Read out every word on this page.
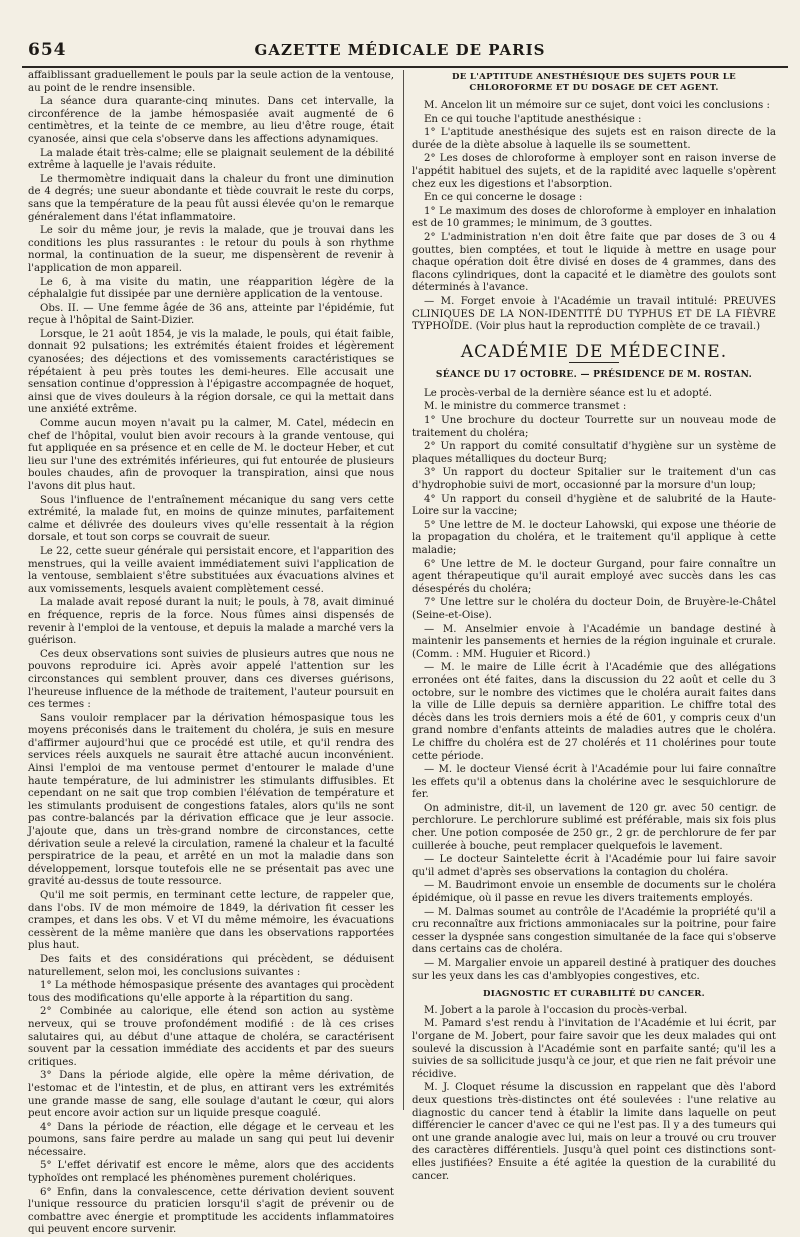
654	GAZETTE MÉDICALE DE PARIS

affaiblissant graduellement le pouls par la seule action de la ventouse, au point de le rendre insensible.

La séance dura quarante-cinq minutes. Dans cet intervalle, la circonférence de la jambe hémospasiée avait augmenté de 6 centimètres, et la teinte de ce membre, au lieu d'être rouge, était cyanosée, ainsi que cela s'observe dans les affections adynamiques.

La malade était très-calme; elle se plaignait seulement de la débilité extrême à laquelle je l'avais réduite.

Le thermomètre indiquait dans la chaleur du front une diminution de 4 degrés; une sueur abondante et tiède couvrait le reste du corps, sans que la température de la peau fût aussi élevée qu'on le remarque généralement dans l'état inflammatoire.

Le soir du même jour, je revis la malade, que je trouvai dans les conditions les plus rassurantes : le retour du pouls à son rhythme normal, la continuation de la sueur, me dispensèrent de revenir à l'application de mon appareil.

Le 6, à ma visite du matin, une réapparition légère de la céphalalgie fut dissipée par une dernière application de la ventouse.

Obs. II. — Une femme âgée de 36 ans, atteinte par l'épidémie, fut reçue à l'hôpital de Saint-Dizier.

Lorsque, le 21 août 1854, je vis la malade, le pouls, qui était faible, donnait 92 pulsations; les extrémités étaient froides et légèrement cyanosées; des déjections et des vomissements caractéristiques se répétaient à peu près toutes les demi-heures. Elle accusait une sensation continue d'oppression à l'épigastre accompagnée de hoquet, ainsi que de vives douleurs à la région dorsale, ce qui la mettait dans une anxiété extrême.

Comme aucun moyen n'avait pu la calmer, M. Catel, médecin en chef de l'hôpital, voulut bien avoir recours à la grande ventouse, qui fut appliquée en sa présence et en celle de M. le docteur Heber, et cut lieu sur l'une des extrémités inférieures, qui fut entourée de plusieurs boules chaudes, afin de provoquer la transpiration, ainsi que nous l'avons dit plus haut.

Sous l'influence de l'entraînement mécanique du sang vers cette extrémité, la malade fut, en moins de quinze minutes, parfaitement calme et délivrée des douleurs vives qu'elle ressentait à la région dorsale, et tout son corps se couvrait de sueur.

Le 22, cette sueur générale qui persistait encore, et l'apparition des menstrues, qui la veille avaient immédiatement suivi l'application de la ventouse, semblaient s'être substituées aux évacuations alvines et aux vomissements, lesquels avaient complètement cessé.

La malade avait reposé durant la nuit; le pouls, à 78, avait diminué en fréquence, repris de la force. Nous fûmes ainsi dispensés de revenir à l'emploi de la ventouse, et depuis la malade a marché vers la guérison.

Ces deux observations sont suivies de plusieurs autres que nous ne pouvons reproduire ici. Après avoir appelé l'attention sur les circonstances qui semblent prouver, dans ces diverses guérisons, l'heureuse influence de la méthode de traitement, l'auteur poursuit en ces termes :

Sans vouloir remplacer par la dérivation hémospasique tous les moyens préconisés dans le traitement du choléra, je suis en mesure d'affirmer aujourd'hui que ce procédé est utile, et qu'il rendra des services réels auxquels ne saurait être attaché aucun inconvénient. Ainsi l'emploi de ma ventouse permet d'entourer le malade d'une haute température, de lui administrer les stimulants diffusibles. Et cependant on ne sait que trop combien l'élévation de température et les stimulants produisent de congestions fatales, alors qu'ils ne sont pas contre-balancés par la dérivation efficace que je leur associe. J'ajoute que, dans un très-grand nombre de circonstances, cette dérivation seule a relevé la circulation, ramené la chaleur et la faculté perspiratrice de la peau, et arrêté en un mot la maladie dans son développement, lorsque toutefois elle ne se présentait pas avec une gravité au-dessus de toute ressource.

Qu'il me soit permis, en terminant cette lecture, de rappeler que, dans l'obs. IV de mon mémoire de 1849, la dérivation fit cesser les crampes, et dans les obs. V et VI du même mémoire, les évacuations cessèrent de la même manière que dans les observations rapportées plus haut.

Des faits et des considérations qui précèdent, se déduisent naturellement, selon moi, les conclusions suivantes :

1° La méthode hémospasique présente des avantages qui procèdent tous des modifications qu'elle apporte à la répartition du sang.

2° Combinée au calorique, elle étend son action au système nerveux, qui se trouve profondément modifié : de là ces crises salutaires qui, au début d'une attaque de choléra, se caractérisent souvent par la cessation immédiate des accidents et par des sueurs critiques.

3° Dans la période algide, elle opère la même dérivation, de l'estomac et de l'intestin, et de plus, en attirant vers les extrémités une grande masse de sang, elle soulage d'autant le cœur, qui alors peut encore avoir action sur un liquide presque coagulé.

4° Dans la période de réaction, elle dégage et le cerveau et les poumons, sans faire perdre au malade un sang qui peut lui devenir nécessaire.

5° L'effet dérivatif est encore le même, alors que des accidents typhoïdes ont remplacé les phénomènes purement cholériques.

6° Enfin, dans la convalescence, cette dérivation devient souvent l'unique ressource du praticien lorsqu'il s'agit de prévenir ou de combattre avec énergie et promptitude les accidents inflammatoires qui peuvent encore survenir.

DE L'APTITUDE ANESTHÉSIQUE DES SUJETS POUR LE CHLOROFORME ET DU DOSAGE DE CET AGENT.

M. Ancelon lit un mémoire sur ce sujet, dont voici les conclusions :

En ce qui touche l'aptitude anesthésique :

1° L'aptitude anesthésique des sujets est en raison directe de la durée de la diète absolue à laquelle ils se soumettent.

2° Les doses de chloroforme à employer sont en raison inverse de l'appétit habituel des sujets, et de la rapidité avec laquelle s'opèrent chez eux les digestions et l'absorption.

En ce qui concerne le dosage :

1° Le maximum des doses de chloroforme à employer en inhalation est de 10 grammes; le minimum, de 3 gouttes.

2° L'administration n'en doit être faite que par doses de 3 ou 4 gouttes, bien comptées, et tout le liquide à mettre en usage pour chaque opération doit être divisé en doses de 4 grammes, dans des flacons cylindriques, dont la capacité et le diamètre des goulots sont déterminés à l'avance.

— M. Forget envoie à l'Académie un travail intitulé: PREUVES CLINIQUES DE LA NON-IDENTITÉ DU TYPHUS ET DE LA FIÈVRE TYPHOÏDE. (Voir plus haut la reproduction complète de ce travail.)

ACADÉMIE DE MÉDECINE.
SÉANCE DU 17 OCTOBRE. — PRÉSIDENCE DE M. ROSTAN.

Le procès-verbal de la dernière séance est lu et adopté.

M. le ministre du commerce transmet :

1° Une brochure du docteur Tourrette sur un nouveau mode de traitement du choléra;

2° Un rapport du comité consultatif d'hygiène sur un système de plaques métalliques du docteur Burq;

3° Un rapport du docteur Spitalier sur le traitement d'un cas d'hydrophobie suivi de mort, occasionné par la morsure d'un loup;

4° Un rapport du conseil d'hygiène et de salubrité de la Haute-Loire sur la vaccine;

5° Une lettre de M. le docteur Lahowski, qui expose une théorie de la propagation du choléra, et le traitement qu'il applique à cette maladie;

6° Une lettre de M. le docteur Gurgand, pour faire connaître un agent thérapeutique qu'il aurait employé avec succès dans les cas désespérés du choléra;

7° Une lettre sur le choléra du docteur Doin, de Bruyère-le-Châtel (Seine-et-Oise).

— M. Anselmier envoie à l'Académie un bandage destiné à maintenir les pansements et hernies de la région inguinale et crurale. (Comm. : MM. Huguier et Ricord.)

— M. le maire de Lille écrit à l'Académie que des allégations erronées ont été faites, dans la discussion du 22 août et celle du 3 octobre, sur le nombre des victimes que le choléra aurait faites dans la ville de Lille depuis sa dernière apparition. Le chiffre total des décès dans les trois derniers mois a été de 601, y compris ceux d'un grand nombre d'enfants atteints de maladies autres que le choléra. Le chiffre du choléra est de 27 cholérés et 11 cholérines pour toute cette période.

— M. le docteur Viensé écrit à l'Académie pour lui faire connaître les effets qu'il a obtenus dans la cholérine avec le sesquichlorure de fer.

On administre, dit-il, un lavement de 120 gr. avec 50 centigr. de perchlorure. Le perchlorure sublimé est préférable, mais six fois plus cher. Une potion composée de 250 gr., 2 gr. de perchlorure de fer par cuillerée à bouche, peut remplacer quelquefois le lavement.

— Le docteur Saintelette écrit à l'Académie pour lui faire savoir qu'il admet d'après ses observations la contagion du choléra.

— M. Baudrimont envoie un ensemble de documents sur le choléra épidémique, où il passe en revue les divers traitements employés.

— M. Dalmas soumet au contrôle de l'Académie la propriété qu'il a cru reconnaître aux frictions ammoniacales sur la poitrine, pour faire cesser la dyspnée sans congestion simultanée de la face qui s'observe dans certains cas de choléra.

— M. Margalier envoie un appareil destiné à pratiquer des douches sur les yeux dans les cas d'amblyopies congestives, etc.

DIAGNOSTIC ET CURABILITÉ DU CANCER.

M. Jobert a la parole à l'occasion du procès-verbal.

M. Pamard s'est rendu à l'invitation de l'Académie et lui écrit, par l'organe de M. Jobert, pour faire savoir que les deux malades qui ont soulevé la discussion à l'Académie sont en parfaite santé; qu'il les a suivies de sa sollicitude jusqu'à ce jour, et que rien ne fait prévoir une récidive.

M. J. Cloquet résume la discussion en rappelant que dès l'abord deux questions très-distinctes ont été soulevées : l'une relative au diagnostic du cancer tend à établir la limite dans laquelle on peut différencier le cancer d'avec ce qui ne l'est pas. Il y a des tumeurs qui ont une grande analogie avec lui, mais on leur a trouvé ou cru trouver des caractères différentiels. Jusqu'à quel point ces distinctions sont-elles justifiées? Ensuite a été agitée la question de la curabilité du cancer.
